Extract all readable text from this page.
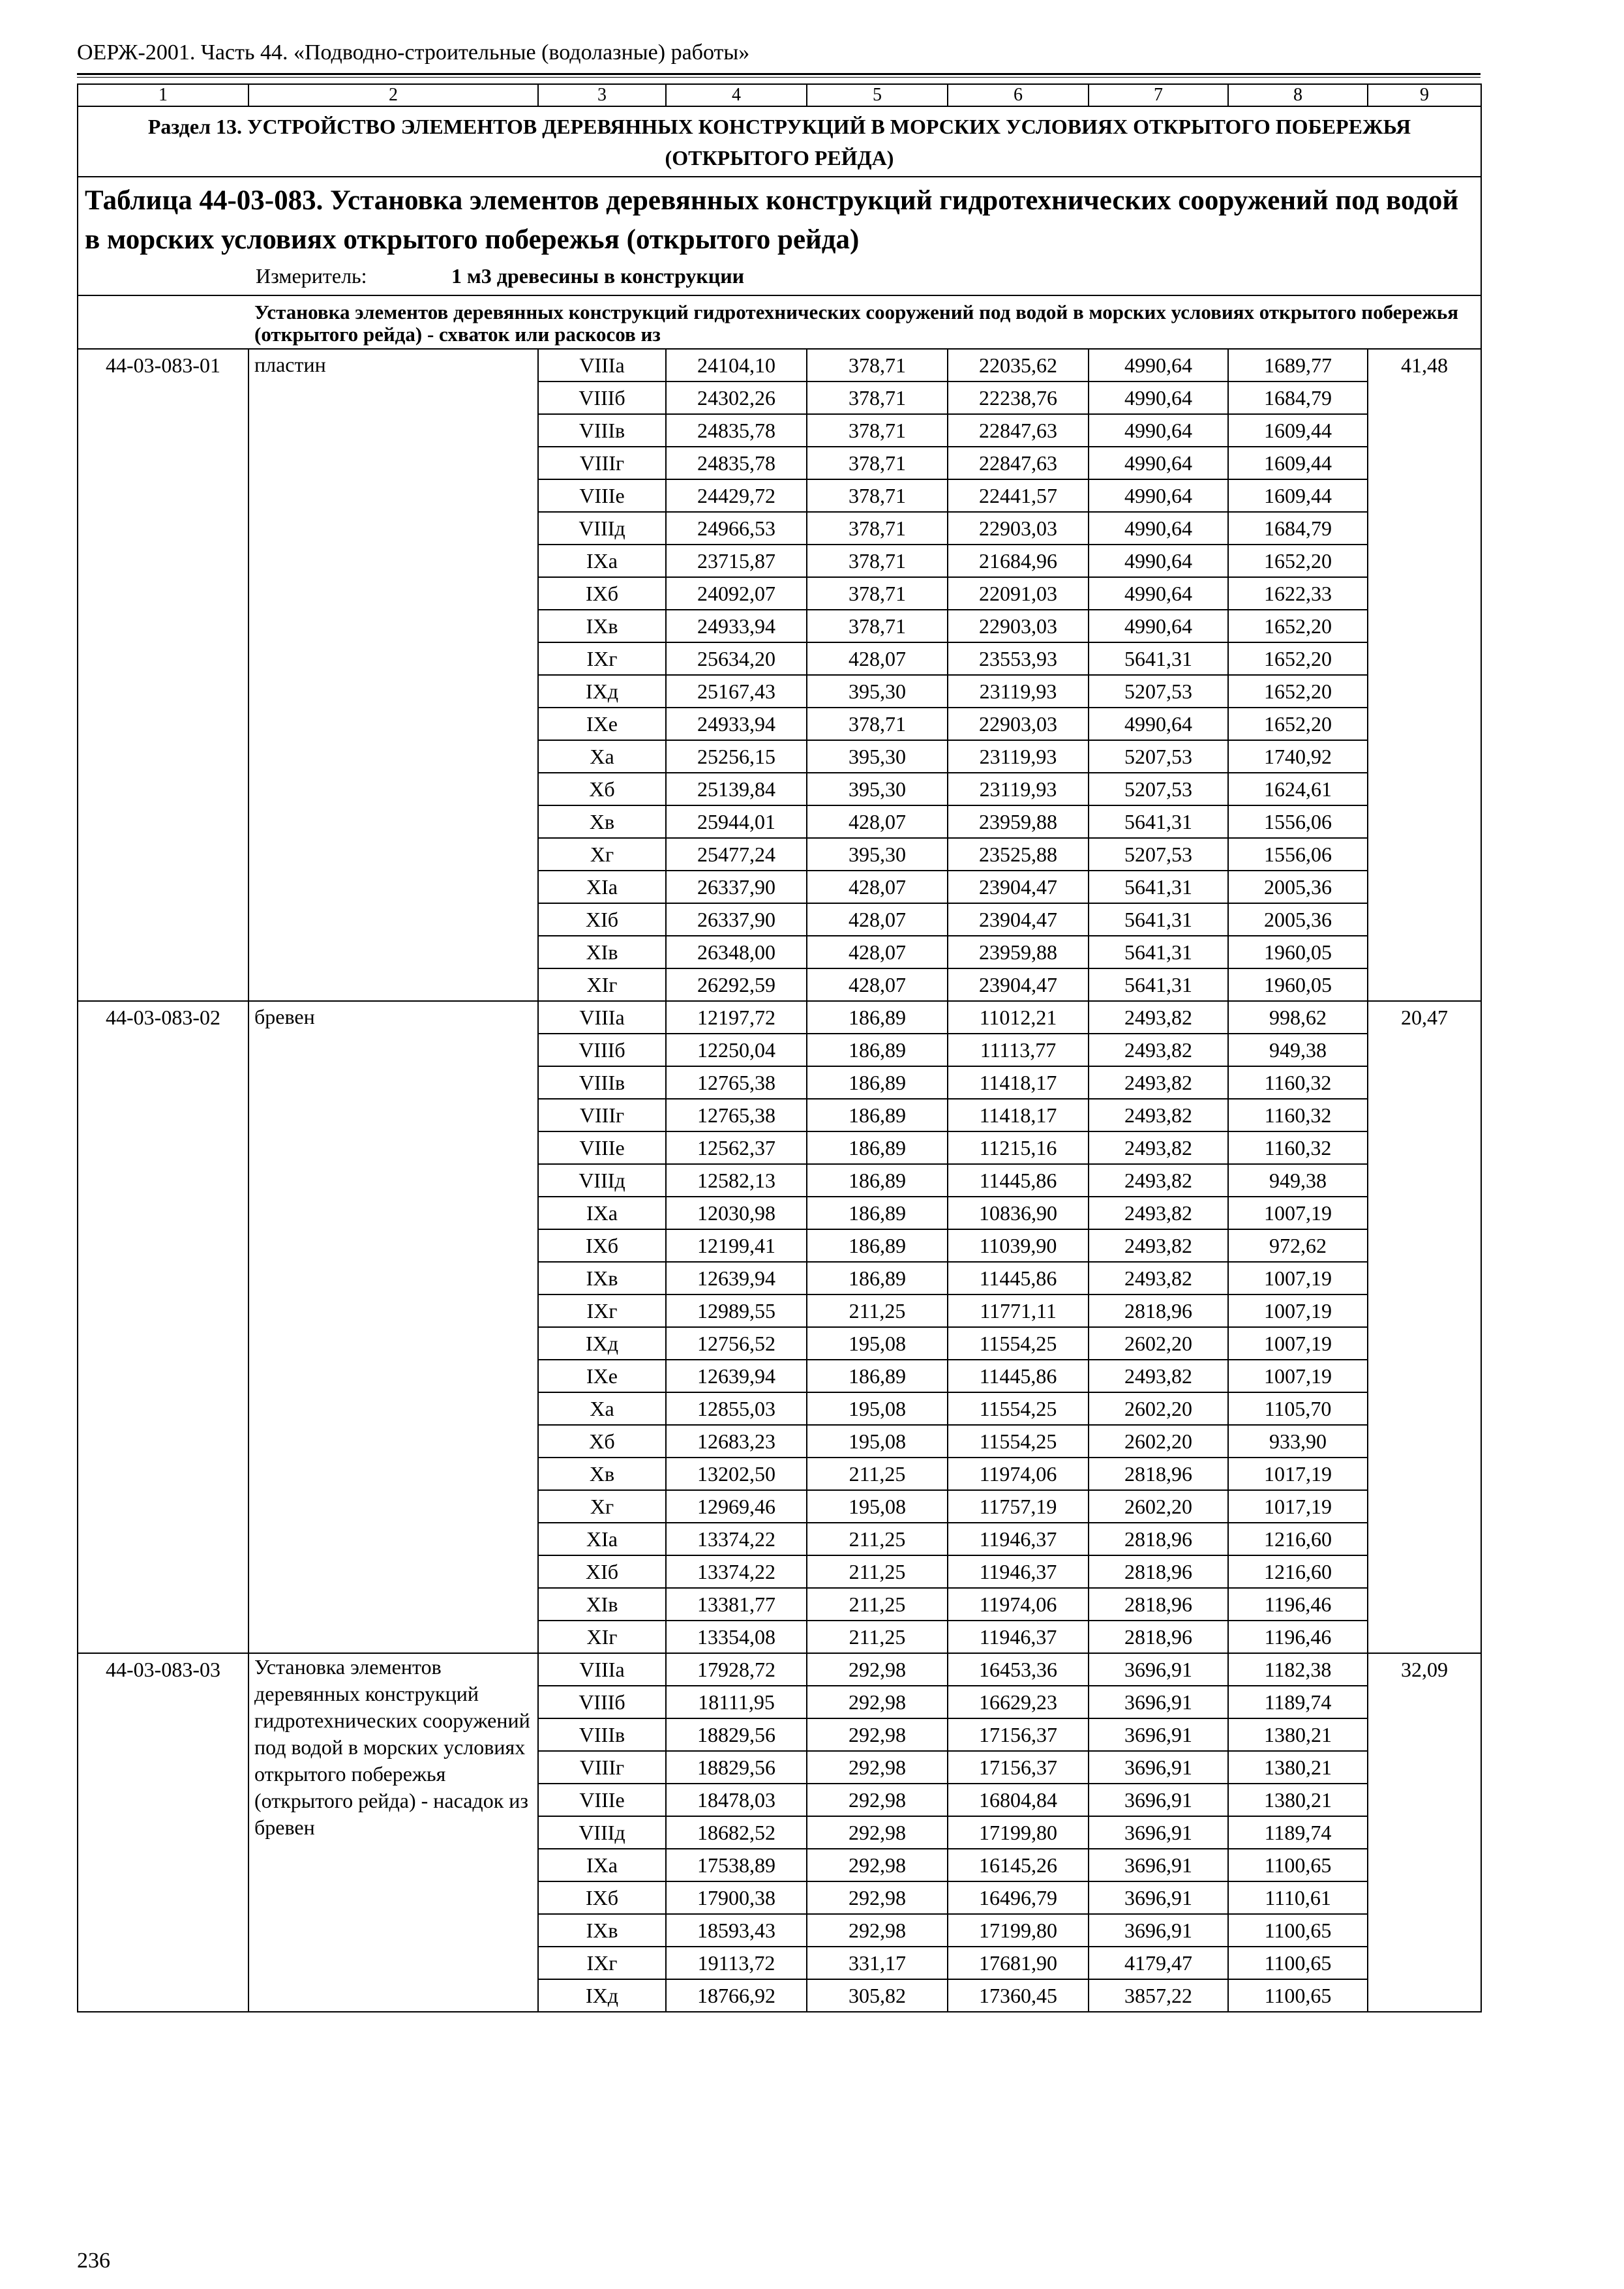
ОЕРЖ-2001. Часть 44. «Подводно-строительные (водолазные) работы»
1	2	3	4	5	6	7	8	9
Раздел 13. УСТРОЙСТВО ЭЛЕМЕНТОВ ДЕРЕВЯННЫХ КОНСТРУКЦИЙ В МОРСКИХ УСЛОВИЯХ ОТКРЫТОГО ПОБЕРЕЖЬЯ (ОТКРЫТОГО РЕЙДА)								

Таблица 44-03-083. Установка элементов деревянных конструкций гидротехнических сооружений под водой в морских условиях открытого побережья (открытого рейда)
Измеритель: 1 м3 древесины в конструкции								

Установка элементов деревянных конструкций гидротехнических сооружений под водой в морских условиях открытого побережья (открытого рейда) - схваток или раскосов из								
44-03-083-01	пластин	VIIIа	24104,10	378,71	22035,62	4990,64	1689,77	41,48
		VIIIб	24302,26	378,71	22238,76	4990,64	1684,79	
		VIIIв	24835,78	378,71	22847,63	4990,64	1609,44	
		VIIIг	24835,78	378,71	22847,63	4990,64	1609,44	
		VIIIе	24429,72	378,71	22441,57	4990,64	1609,44	
		VIIIд	24966,53	378,71	22903,03	4990,64	1684,79	
		IXа	23715,87	378,71	21684,96	4990,64	1652,20	
		IXб	24092,07	378,71	22091,03	4990,64	1622,33	
		IXв	24933,94	378,71	22903,03	4990,64	1652,20	
		IXг	25634,20	428,07	23553,93	5641,31	1652,20	
		IXд	25167,43	395,30	23119,93	5207,53	1652,20	
		IXе	24933,94	378,71	22903,03	4990,64	1652,20	
		Xа	25256,15	395,30	23119,93	5207,53	1740,92	
		Xб	25139,84	395,30	23119,93	5207,53	1624,61	
		Xв	25944,01	428,07	23959,88	5641,31	1556,06	
		Xг	25477,24	395,30	23525,88	5207,53	1556,06	
		XIа	26337,90	428,07	23904,47	5641,31	2005,36	
		XIб	26337,90	428,07	23904,47	5641,31	2005,36	
		XIв	26348,00	428,07	23959,88	5641,31	1960,05	
		XIг	26292,59	428,07	23904,47	5641,31	1960,05	
44-03-083-02	бревен	VIIIа	12197,72	186,89	11012,21	2493,82	998,62	20,47
		VIIIб	12250,04	186,89	11113,77	2493,82	949,38	
		VIIIв	12765,38	186,89	11418,17	2493,82	1160,32	
		VIIIг	12765,38	186,89	11418,17	2493,82	1160,32	
		VIIIе	12562,37	186,89	11215,16	2493,82	1160,32	
		VIIIд	12582,13	186,89	11445,86	2493,82	949,38	
		IXа	12030,98	186,89	10836,90	2493,82	1007,19	
		IXб	12199,41	186,89	11039,90	2493,82	972,62	
		IXв	12639,94	186,89	11445,86	2493,82	1007,19	
		IXг	12989,55	211,25	11771,11	2818,96	1007,19	
		IXд	12756,52	195,08	11554,25	2602,20	1007,19	
		IXе	12639,94	186,89	11445,86	2493,82	1007,19	
		Xа	12855,03	195,08	11554,25	2602,20	1105,70	
		Xб	12683,23	195,08	11554,25	2602,20	933,90	
		Xв	13202,50	211,25	11974,06	2818,96	1017,19	
		Xг	12969,46	195,08	11757,19	2602,20	1017,19	
		XIа	13374,22	211,25	11946,37	2818,96	1216,60	
		XIб	13374,22	211,25	11946,37	2818,96	1216,60	
		XIв	13381,77	211,25	11974,06	2818,96	1196,46	
		XIг	13354,08	211,25	11946,37	2818,96	1196,46	
44-03-083-03	Установка элементов деревянных конструкций гидротехнических сооружений под водой в морских условиях открытого побережья (открытого рейда) - насадок из бревен	VIIIа	17928,72	292,98	16453,36	3696,91	1182,38	32,09
		VIIIб	18111,95	292,98	16629,23	3696,91	1189,74	
		VIIIв	18829,56	292,98	17156,37	3696,91	1380,21	
		VIIIг	18829,56	292,98	17156,37	3696,91	1380,21	
		VIIIе	18478,03	292,98	16804,84	3696,91	1380,21	
		VIIIд	18682,52	292,98	17199,80	3696,91	1189,74	
		IXа	17538,89	292,98	16145,26	3696,91	1100,65	
		IXб	17900,38	292,98	16496,79	3696,91	1110,61	
		IXв	18593,43	292,98	17199,80	3696,91	1100,65	
		IXг	19113,72	331,17	17681,90	4179,47	1100,65	
		IXд	18766,92	305,82	17360,45	3857,22	1100,65	
236
